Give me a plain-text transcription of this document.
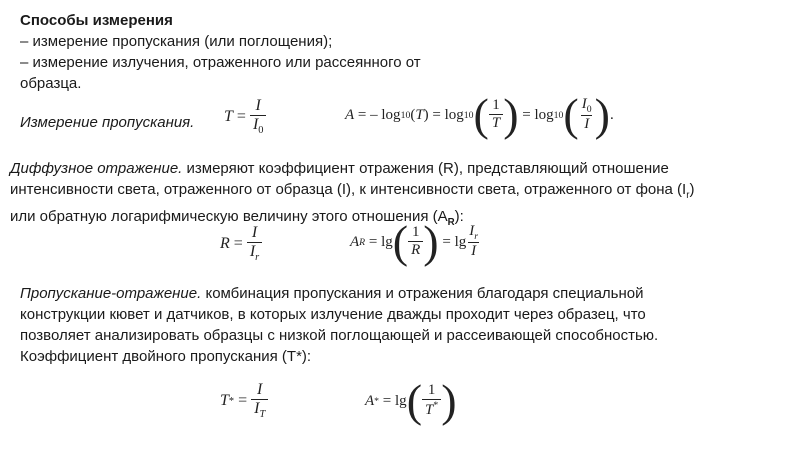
Способы измерения
– измерение пропускания (или поглощения);
– измерение излучения, отраженного или рассеянного от
образца.
Измерение пропускания. $T = \frac{I}{I_0}$	A = – log 10 ( T ) = log 10 ( $\frac{1}{T}$ ) = log 10 ( $\frac{I_0}{I}$ ) .
Диффузное отражение. измеряют коэффициент отражения (R), представляющий отношение
интенсивности света, отраженного от образца (I), к интенсивности света, отраженного от фона $(I_r)$
или обратную логарифмическую величину этого отношения $(A_R)$:
$R = \frac{I}{I_r}$	A R = lg ( $\frac{1}{R}$ ) = $\lg \frac{I_r}{I}$
Пропускание-отражение. комбинация пропускания и отражения благодаря специальной
конструкции кювет и датчиков, в которых излучение дважды проходит через образец, что
позволяет анализировать образцы с низкой поглощающей и рассеивающей способностью.
Коэффициент двойного пропускания (T*):
T * = $\frac{I}{I_T}$	A * = lg ( $\frac{1}{T^*}$ )
